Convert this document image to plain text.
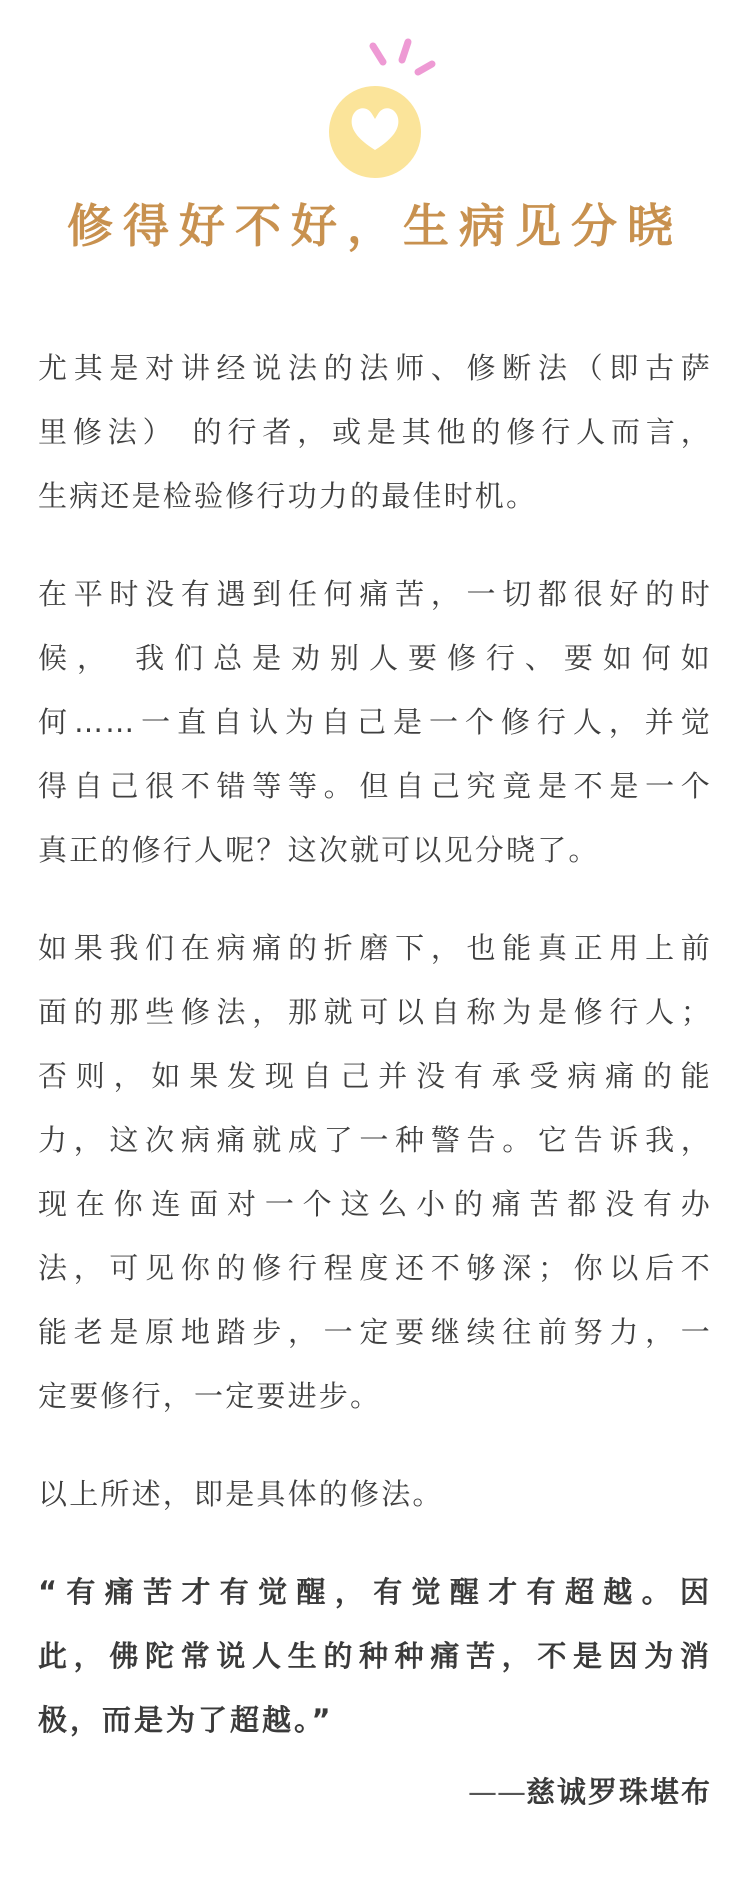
修得好不好，生病见分晓

尤其是对讲经说法的法师、修断法（即古萨
里修法） 的行者，或是其他的修行人而言，
生病还是检验修行功力的最佳时机。

在平时没有遇到任何痛苦，一切都很好的时
候， 我们总是劝别人要修行、要如何如
何……一直自认为自己是一个修行人，并觉
得自己很不错等等。但自己究竟是不是一个
真正的修行人呢？这次就可以见分晓了。

如果我们在病痛的折磨下，也能真正用上前
面的那些修法，那就可以自称为是修行人；
否则，如果发现自己并没有承受病痛的能
力，这次病痛就成了一种警告。它告诉我，
现在你连面对一个这么小的痛苦都没有办
法，可见你的修行程度还不够深；你以后不
能老是原地踏步，一定要继续往前努力，一
定要修行，一定要进步。

以上所述，即是具体的修法。

“有痛苦才有觉醒，有觉醒才有超越。因
此，佛陀常说人生的种种痛苦，不是因为消
极，而是为了超越。”

——慈诚罗珠堪布
